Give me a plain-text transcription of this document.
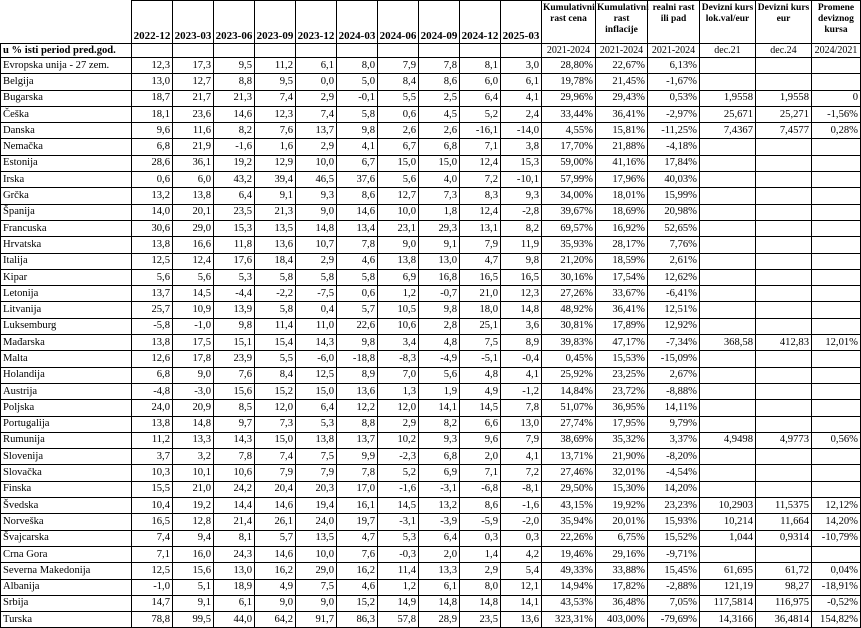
	2022-12	2023-03	2023-06	2023-09	2023-12	2024-03	2024-06	2024-09	2024-12	2025-03	Kumulativni rast cena	Kumulativni rast inflacije	realni rast ili pad	Devizni kurs lok.val/eur	Devizni kurs eur	Promene deviznog kursa
u % isti period pred.god.											2021-2024	2021-2024	2021-2024	dec.21	dec.24	2024/2021
Evropska unija - 27 zem.	12,3	17,3	9,5	11,2	6,1	8,0	7,9	7,8	8,1	3,0	28,80%	22,67%	6,13%			
Belgija	13,0	12,7	8,8	9,5	0,0	5,0	8,4	8,6	6,0	6,1	19,78%	21,45%	-1,67%			
Bugarska	18,7	21,7	21,3	7,4	2,9	-0,1	5,5	2,5	6,4	4,1	29,96%	29,43%	0,53%	1,9558	1,9558	0
Češka	18,1	23,6	14,6	12,3	7,4	5,8	0,6	4,5	5,2	2,4	33,44%	36,41%	-2,97%	25,671	25,271	-1,56%
Danska	9,6	11,6	8,2	7,6	13,7	9,8	2,6	2,6	-16,1	-14,0	4,55%	15,81%	-11,25%	7,4367	7,4577	0,28%
Nemačka	6,8	21,9	-1,6	1,6	2,9	4,1	6,7	6,8	7,1	3,8	17,70%	21,88%	-4,18%			
Estonija	28,6	36,1	19,2	12,9	10,0	6,7	15,0	15,0	12,4	15,3	59,00%	41,16%	17,84%			
Irska	0,6	6,0	43,2	39,4	46,5	37,6	5,6	4,0	7,2	-10,1	57,99%	17,96%	40,03%			
Grčka	13,2	13,8	6,4	9,1	9,3	8,6	12,7	7,3	8,3	9,3	34,00%	18,01%	15,99%			
Španija	14,0	20,1	23,5	21,3	9,0	14,6	10,0	1,8	12,4	-2,8	39,67%	18,69%	20,98%			
Francuska	30,6	29,0	15,3	13,5	14,8	13,4	23,1	29,3	13,1	8,2	69,57%	16,92%	52,65%			
Hrvatska	13,8	16,6	11,8	13,6	10,7	7,8	9,0	9,1	7,9	11,9	35,93%	28,17%	7,76%			
Italija	12,5	12,4	17,6	18,4	2,9	4,6	13,8	13,0	4,7	9,8	21,20%	18,59%	2,61%			
Kipar	5,6	5,6	5,3	5,8	5,8	5,8	6,9	16,8	16,5	16,5	30,16%	17,54%	12,62%			
Letonija	13,7	14,5	-4,4	-2,2	-7,5	0,6	1,2	-0,7	21,0	12,3	27,26%	33,67%	-6,41%			
Litvanija	25,7	10,9	13,9	5,8	0,4	5,7	10,5	9,8	18,0	14,8	48,92%	36,41%	12,51%			
Luksemburg	-5,8	-1,0	9,8	11,4	11,0	22,6	10,6	2,8	25,1	3,6	30,81%	17,89%	12,92%			
Mađarska	13,8	17,5	15,1	15,4	14,3	9,8	3,4	4,8	7,5	8,9	39,83%	47,17%	-7,34%	368,58	412,83	12,01%
Malta	12,6	17,8	23,9	5,5	-6,0	-18,8	-8,3	-4,9	-5,1	-0,4	0,45%	15,53%	-15,09%			
Holandija	6,8	9,0	7,6	8,4	12,5	8,9	7,0	5,6	4,8	4,1	25,92%	23,25%	2,67%			
Austrija	-4,8	-3,0	15,6	15,2	15,0	13,6	1,3	1,9	4,9	-1,2	14,84%	23,72%	-8,88%			
Poljska	24,0	20,9	8,5	12,0	6,4	12,2	12,0	14,1	14,5	7,8	51,07%	36,95%	14,11%			
Portugalija	13,8	14,8	9,7	7,3	5,3	8,8	2,9	8,2	6,6	13,0	27,74%	17,95%	9,79%			
Rumunija	11,2	13,3	14,3	15,0	13,8	13,7	10,2	9,3	9,6	7,9	38,69%	35,32%	3,37%	4,9498	4,9773	0,56%
Slovenija	3,7	3,2	7,8	7,4	7,5	9,9	-2,3	6,8	2,0	4,1	13,71%	21,90%	-8,20%			
Slovačka	10,3	10,1	10,6	7,9	7,9	7,8	5,2	6,9	7,1	7,2	27,46%	32,01%	-4,54%			
Finska	15,5	21,0	24,2	20,4	20,3	17,0	-1,6	-3,1	-6,8	-8,1	29,50%	15,30%	14,20%			
Švedska	10,4	19,2	14,4	14,6	19,4	16,1	14,5	13,2	8,6	-1,6	43,15%	19,92%	23,23%	10,2903	11,5375	12,12%
Norveška	16,5	12,8	21,4	26,1	24,0	19,7	-3,1	-3,9	-5,9	-2,0	35,94%	20,01%	15,93%	10,214	11,664	14,20%
Švajcarska	7,4	9,4	8,1	5,7	13,5	4,7	5,3	6,4	0,3	0,3	22,26%	6,75%	15,52%	1,044	0,9314	-10,79%
Crna Gora	7,1	16,0	24,3	14,6	10,0	7,6	-0,3	2,0	1,4	4,2	19,46%	29,16%	-9,71%			
Severna Makedonija	12,5	15,6	13,0	16,2	29,0	16,2	11,4	13,3	2,9	5,4	49,33%	33,88%	15,45%	61,695	61,72	0,04%
Albanija	-1,0	5,1	18,9	4,9	7,5	4,6	1,2	6,1	8,0	12,1	14,94%	17,82%	-2,88%	121,19	98,27	-18,91%
Srbija	14,7	9,1	6,1	9,0	9,0	15,2	14,9	14,8	14,8	14,1	43,53%	36,48%	7,05%	117,5814	116,975	-0,52%
Turska	78,8	99,5	44,0	64,2	91,7	86,3	57,8	28,9	23,5	13,6	323,31%	403,00%	-79,69%	14,3166	36,4814	154,82%
